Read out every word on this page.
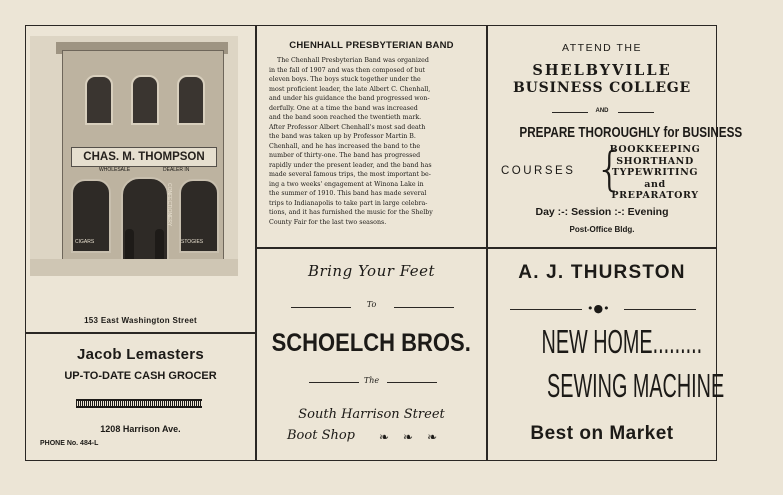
CHAS. M. THOMPSON
WHOLESALE	DEALER IN
CIGARS	STOGIES
CONFECTIONERY
153 East Washington Street
CHENHALL PRESBYTERIAN BAND
The Chenhall Presbyterian Band was organized
in the fall of 1907 and was then composed of but
eleven boys. The boys stuck together under the
most proficient leader, the late Albert C. Chenhall,
and under his guidance the band progressed won-
derfully. One at a time the band was increased
and the band soon reached the twentieth mark.
After Professor Albert Chenhall's most sad death
the band was taken up by Professor Martin B.
Chenhall, and he has increased the band to the
number of thirty-one. The band has progressed
rapidly under the present leader, and the band has
made several famous trips, the most important be-
ing a two weeks' engagement at Winona Lake in
the summer of 1910. This band has made several
trips to Indianapolis to take part in large celebra-
tions, and it has furnished the music for the Shelby
County Fair for the last two seasons.
ATTEND THE
SHELBYVILLE
BUSINESS COLLEGE
AND
PREPARE THOROUGHLY for BUSINESS
COURSES {
BOOKKEEPING
SHORTHAND
TYPEWRITING
and
PREPARATORY
Day :-: Session :-: Evening
Post-Office Bldg.
Jacob Lemasters
UP-TO-DATE CASH GROCER
1208 Harrison Ave.
PHONE No. 484-L
Bring Your Feet
To
SCHOELCH BROS.
The
South Harrison Street
Boot Shop ❧❧❧
A. J. THURSTON
•●•
NEW HOME.........
SEWING MACHINE
Best on Market
